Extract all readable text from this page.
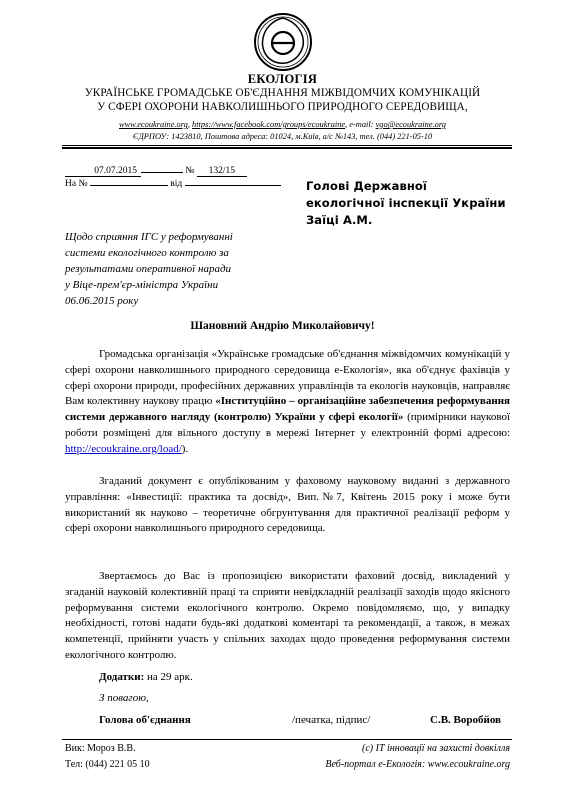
ЕКОЛОГІЯ
УКРАЇНСЬКЕ ГРОМАДСЬКЕ ОБ'ЄДНАННЯ МІЖВІДОМЧИХ КОМУНІКАЦІЙ
У СФЕРІ ОХОРОНИ НАВКОЛИШНЬОГО ПРИРОДНОГО СЕРЕДОВИЩА,
www.ecoukraine.org, https://www.facebook.com/groups/ecoukraine, e-mail: vgo@ecoukraine.org
ЄДРПОУ: 1423810, Поштова адреса: 01024, м.Київ, а/с №143, тел. (044) 221-05-10
07.07.2015	№ 132/15
На №	від	Голові Державної
екологічної інспекції України
Заїці А.М.
Щодо сприяння ІГС у реформуванні
системи екологічного контролю за
результатами оперативної наради
у Віце-прем'єр-міністра України
06.06.2015 року
Шановний Андрію Миколайовичу!
Громадська організація «Українське громадське об'єднання міжвідомчих комунікацій у сфері охорони навколишнього природного середовища е-Екологія», яка об'єднує фахівців у сфері охорони природи, професійних державних управлінців та екологів науковців, направляє Вам колективну наукову працю «Інституційно – організаційне забезпечення реформування системи державного нагляду (контролю) України у сфері екології» (примірники наукової роботи розміщені для вільного доступу в мережі Інтернет у електронній формі адресою: http://ecoukraine.org/load/).
Згаданий документ є опублікованим у фаховому науковому виданні з державного управління: «Інвестиції: практика та досвід», Вип.№7, Квітень 2015 року і може бути використаний як науково – теоретичне обгрунтування для практичної реалізації реформ у сфері охорони навколишнього природного середовища.
Звертаємось до Вас із пропозицією використати фаховий досвід, викладений у згаданій науковій колективній праці та сприяти невідкладній реалізації заходів щодо якісного реформування системи екологічного контролю. Окремо повідомляємо, що, у випадку необхідності, готові надати будь-які додаткові коментарі та рекомендації, а також, в межах компетенції, прийняти участь у спільних заходах щодо проведення реформування системи екологічного контролю.
Додатки: на 29 арк.
З повагою,
Голова об'єднання	/печатка, підпис/	С.В. Воробйов
Вик: Мороз В.В.
Тел: (044) 221 05 10
(с) ІТ інновації на захисті довкілля
Веб-портал е-Екологія: www.ecoukraine.org
